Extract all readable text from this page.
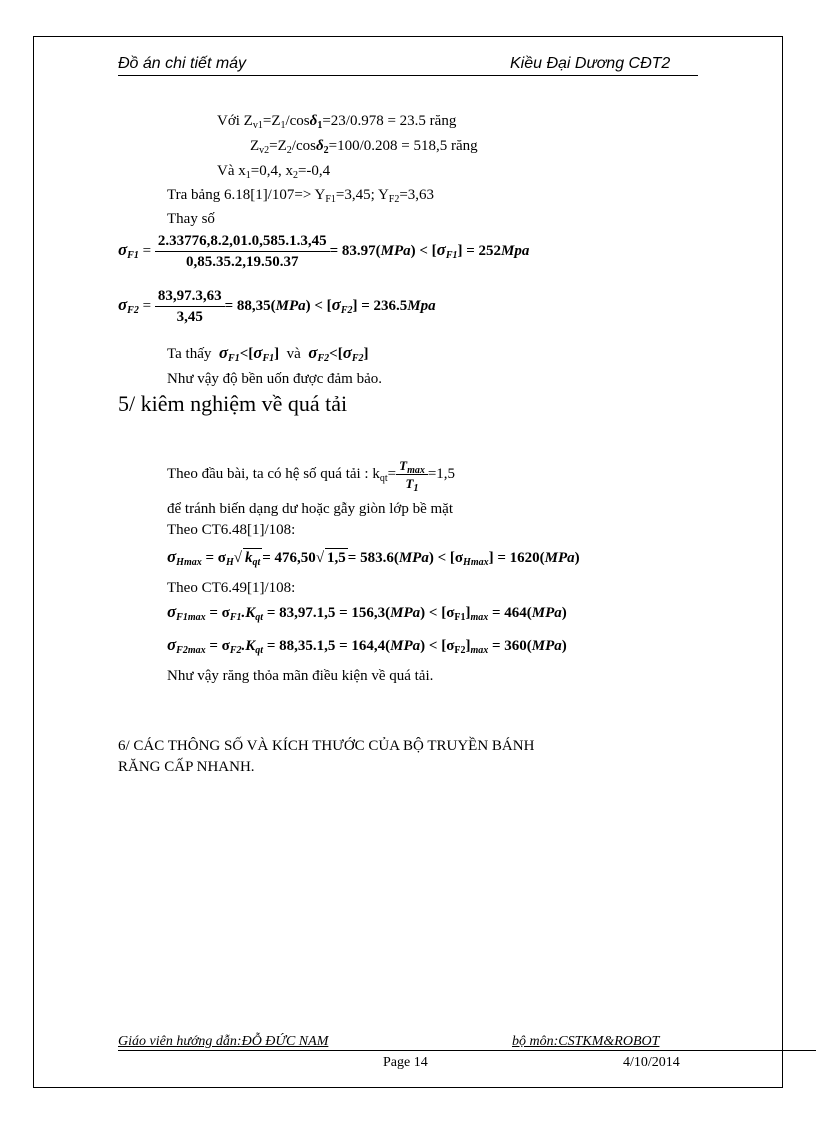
Đồ án chi tiết máy	Kiều Đại Dương CĐT2
Với $Z_{v1}=Z_1/\cos\delta_1=23/0.978 = 23.5$ răng
$Z_{v2}=Z_2/\cos\delta_2=100/0.208 = 518,5$ răng
Và $x_1=0,4$, $x_2=-0,4$
Tra bảng $6.18[1]/107=> Y_{F1}=3,45$; $Y_{F2}=3,63$
Thay số
$\sigma_{F1} = \frac{2.33776,8.2,01.0,585.1.3,45}{0,85.35.2,19.50.37} = 83.97(MPa) < [\sigma_{F1}] = 252Mpa$
$\sigma_{F2} = \frac{83,97.3,63}{3,45} = 88,35(MPa) < [\sigma_{F2}] = 236.5Mpa$
Ta thấy $\sigma_{F1}<[\sigma_{F1}]$ và $\sigma_{F2}<[\sigma_{F2}]$
Như vậy độ bền uốn được đảm bảo.
5/ kiêm nghiệm về quá tải
Theo đầu bài, ta có hệ số quá tải : $k_{qt}= \frac{T_{max}}{T_1} =1,5$
để tránh biến dạng dư hoặc gẫy giòn lớp bề mặt
Theo CT6.48[1]/108:
$\sigma_{Hmax} = \sigma_H√$ $k_{qt} = 476,50√$ $1,5 = 583.6(MPa) < [\sigma_{Hmax}] = 1620(MPa)$
Theo CT6.49[1]/108:
$\sigma_{F1max} = \sigma_{F1}.K_{qt} = 83,97.1,5 = 156,3(MPa) < [\sigma_{F1}]_{max} = 464(MPa)$
$\sigma_{F2max} = \sigma_{F2}.K_{qt} = 88,35.1,5 = 164,4(MPa) < [\sigma_{F2}]_{max} = 360(MPa)$
Như vậy răng thỏa mãn điều kiện về quá tải.
6/ CÁC THÔNG SỐ VÀ KÍCH THƯỚC CỦA BỘ TRUYỀN BÁNH
RĂNG CẤP NHANH.
Giáo viên hướng dẫn:ĐỖ ĐỨC NAM	bộ môn:CSTKM&ROBOT
Page 14	4/10/2014
